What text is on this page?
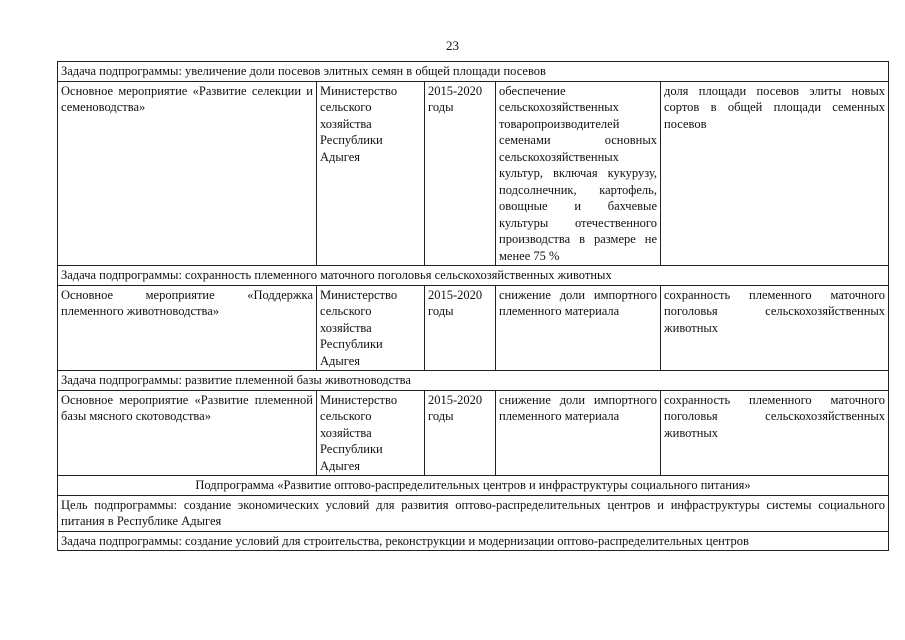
23
Задача подпрограммы: увеличение доли посевов элитных семян в общей площади посевов				
Основное мероприятие «Развитие селекции и семеноводства»	Министерство сельского хозяйства Республики Адыгея	2015-2020 годы	обеспечение сельскохозяйственных товаропроизводителей семенами основных сельскохозяйственных культур, включая кукурузу, подсолнечник, картофель, овощные и бахчевые культуры отечественного производства в размере не менее 75 %	доля площади посевов элиты новых сортов в общей площади семенных посевов
Задача подпрограммы: сохранность племенного маточного поголовья сельскохозяйственных животных				
Основное мероприятие «Поддержка племенного животноводства»	Министерство сельского хозяйства Республики Адыгея	2015-2020 годы	снижение доли импортного племенного материала	сохранность племенного маточного поголовья сельскохозяйственных животных
Задача подпрограммы: развитие племенной базы животноводства				
Основное мероприятие «Развитие племенной базы мясного скотоводства»	Министерство сельского хозяйства Республики Адыгея	2015-2020 годы	снижение доли импортного племенного материала	сохранность племенного маточного поголовья сельскохозяйственных животных
Подпрограмма «Развитие оптово-распределительных центров и инфраструктуры социального питания»				
Цель подпрограммы: создание экономических условий для развития оптово-распределительных центров и инфраструктуры системы социального питания в Республике Адыгея				
Задача подпрограммы: создание условий для строительства, реконструкции и модернизации оптово-распределительных центров				
